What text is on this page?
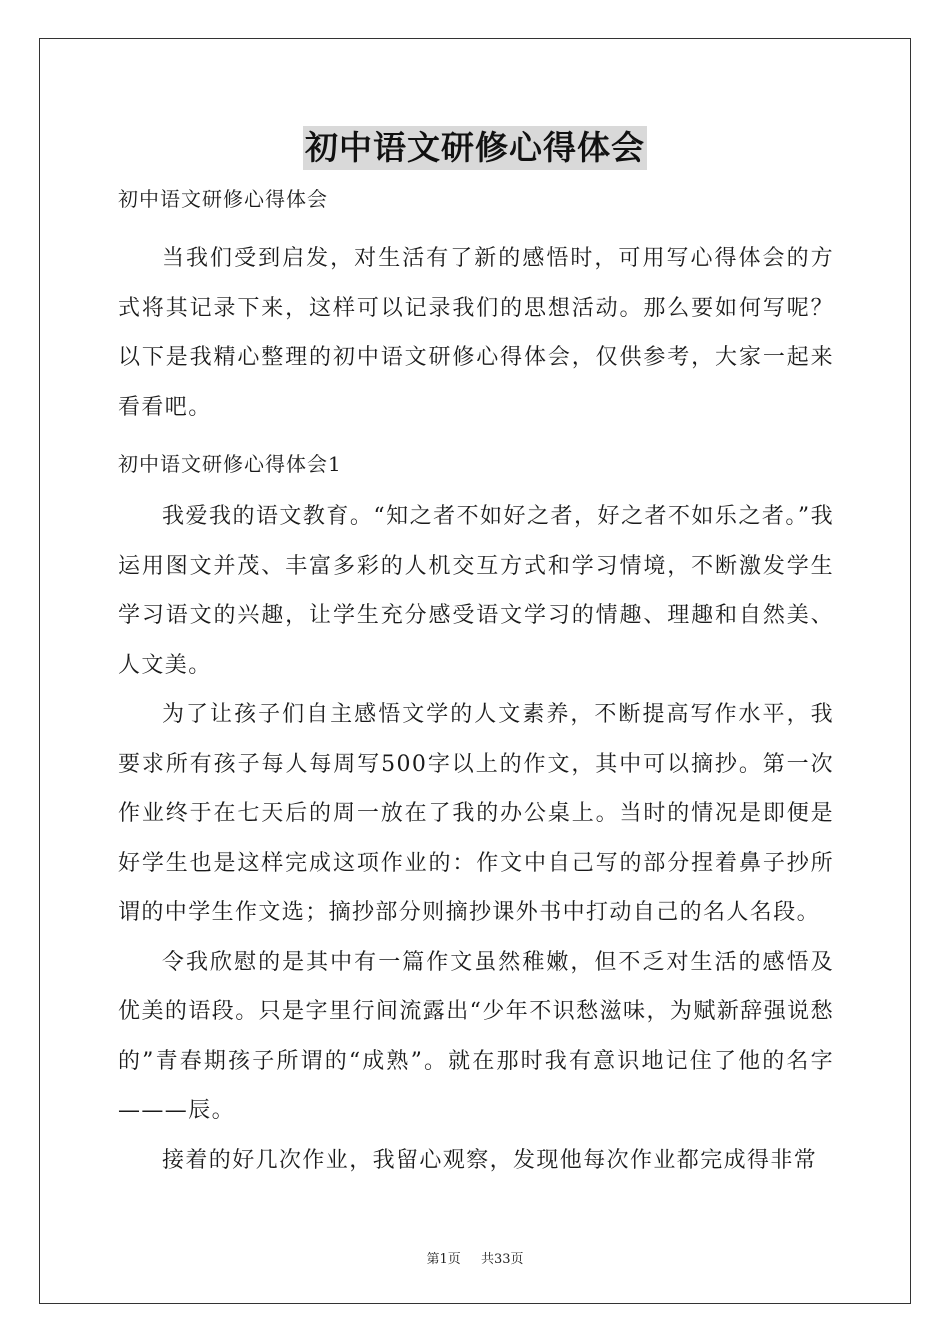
初中语文研修心得体会

初中语文研修心得体会

当我们受到启发，对生活有了新的感悟时，可用写心得体会的方式将其记录下来，这样可以记录我们的思想活动。那么要如何写呢？以下是我精心整理的初中语文研修心得体会，仅供参考，大家一起来看看吧。

初中语文研修心得体会1

我爱我的语文教育。“知之者不如好之者，好之者不如乐之者。”我运用图文并茂、丰富多彩的人机交互方式和学习情境，不断激发学生学习语文的兴趣，让学生充分感受语文学习的情趣、理趣和自然美、人文美。

为了让孩子们自主感悟文学的人文素养，不断提高写作水平，我要求所有孩子每人每周写500字以上的作文，其中可以摘抄。第一次作业终于在七天后的周一放在了我的办公桌上。当时的情况是即便是好学生也是这样完成这项作业的：作文中自己写的部分捏着鼻子抄所谓的中学生作文选；摘抄部分则摘抄课外书中打动自己的名人名段。

令我欣慰的是其中有一篇作文虽然稚嫩，但不乏对生活的感悟及优美的语段。只是字里行间流露出“少年不识愁滋味，为赋新辞强说愁的”青春期孩子所谓的“成熟”。就在那时我有意识地记住了他的名字———辰。

接着的好几次作业，我留心观察，发现他每次作业都完成得非常

第1页 共33页
